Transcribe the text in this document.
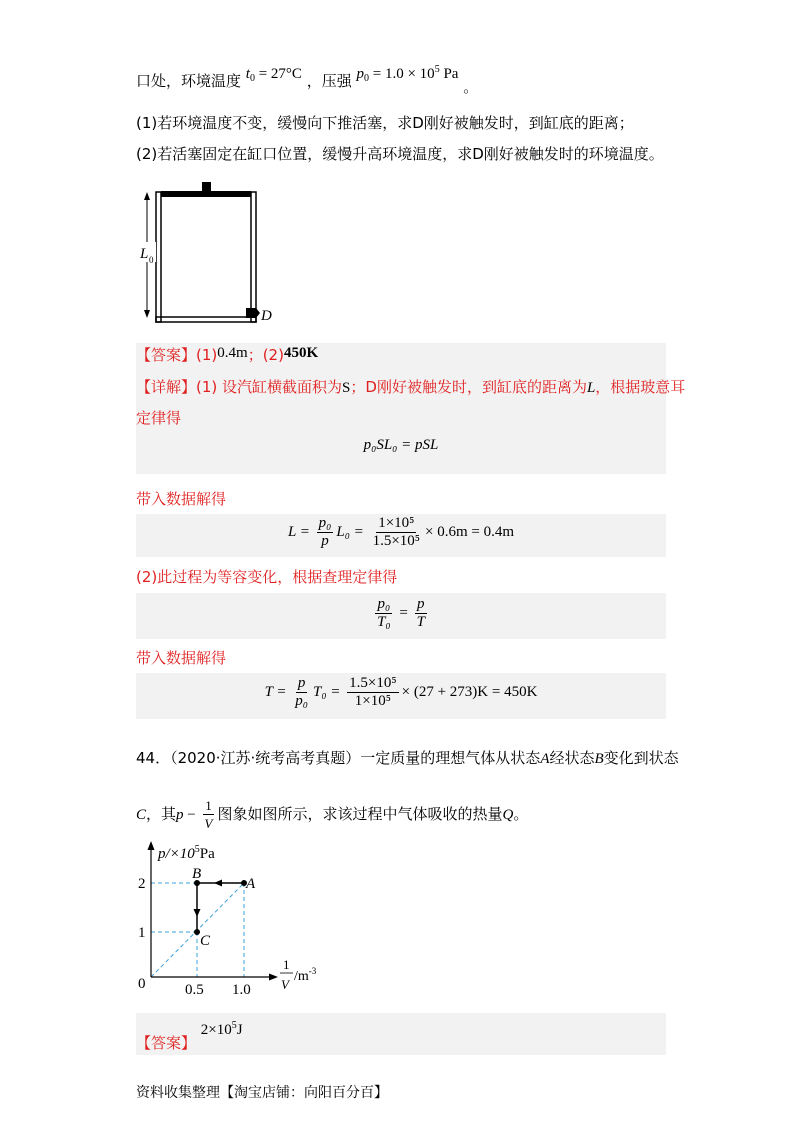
口处，环境温度 $t_0 = 27^\circ C$ ，压强 $p_0 = 1.0 \times 10^5$ Pa 。
(1)若环境温度不变，缓慢向下推活塞，求D刚好被触发时，到缸底的距离；
(2)若活塞固定在缸口位置，缓慢升高环境温度，求D刚好被触发时的环境温度。
L 0
D
【答案】(1)0.4m；(2)450K
【详解】(1) 设汽缸横截面积为S；D刚好被触发时，到缸底的距离为L，根据玻意耳
定律得
p₀SL₀ = pSL
带入数据解得
$L = \frac{\text{p₀}}{p} L_0 = \frac{\text{1×10⁵}}{\text{1.5×10⁵}} \times 0.6m = 0.4m$
(2)此过程为等容变化，根据查理定律得
$\frac{\text{p₀}}{\text{T₀}} = \frac{p}{T}$
带入数据解得
$T = \frac{p}{\text{p₀}} T_0 = \frac{\text{1.5×10⁵}}{\text{1×10⁵}} \times (27 + 273)K = 450K$
44．（2020·江苏·统考高考真题）一定质量的理想气体从状态A经状态B变化到状态
C，其$p - \frac{1}{V}$ 图象如图所示，求该过程中气体吸收的热量Q。
A
B
C
2
1
0	0.5 1.0
$p/\times 10^5Pa$
1
V
$/m^{-3}$
【答案】 $2\times 10^5J$
资料收集整理【淘宝店铺：向阳百分百】
